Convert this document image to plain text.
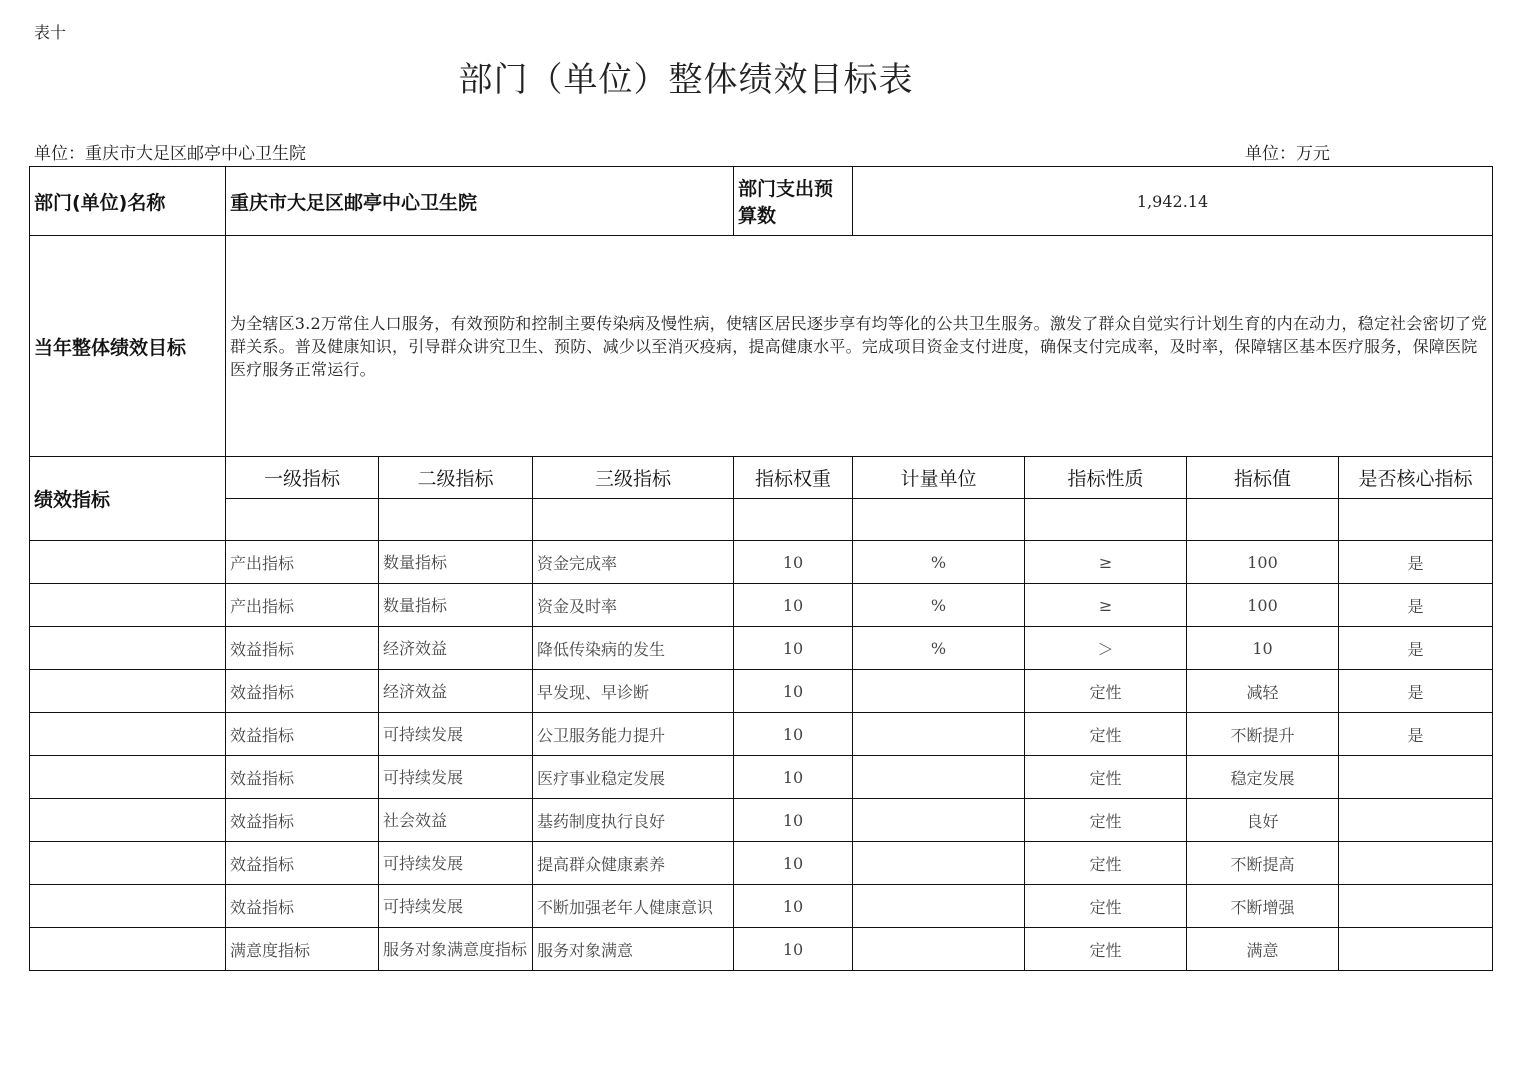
表十
部门（单位）整体绩效目标表
单位：重庆市大足区邮亭中心卫生院	单位：万元
部门(单位)名称	重庆市大足区邮亭中心卫生院			部门支出预算数	1,942.14			
当年整体绩效目标	为全辖区3.2万常住人口服务，有效预防和控制主要传染病及慢性病，使辖区居民逐步享有均等化的公共卫生服务。激发了群众自觉实行计划生育的内在动力，稳定社会密切了党群关系。普及健康知识，引导群众讲究卫生、预防、减少以至消灭疫病，提高健康水平。完成项目资金支付进度，确保支付完成率，及时率，保障辖区基本医疗服务，保障医院医疗服务正常运行。							
绩效指标	一级指标	二级指标	三级指标	指标权重	计量单位	指标性质	指标值	是否核心指标

	产出指标	数量指标	资金完成率	10	%	≥	100	是
	产出指标	数量指标	资金及时率	10	%	≥	100	是
	效益指标	经济效益	降低传染病的发生	10	%	＞	10	是
	效益指标	经济效益	早发现、早诊断	10		定性	减轻	是
	效益指标	可持续发展	公卫服务能力提升	10		定性	不断提升	是
	效益指标	可持续发展	医疗事业稳定发展	10		定性	稳定发展	
	效益指标	社会效益	基药制度执行良好	10		定性	良好	
	效益指标	可持续发展	提高群众健康素养	10		定性	不断提高	
	效益指标	可持续发展	不断加强老年人健康意识	10		定性	不断增强	
	满意度指标	服务对象满意度指标	服务对象满意	10		定性	满意	
